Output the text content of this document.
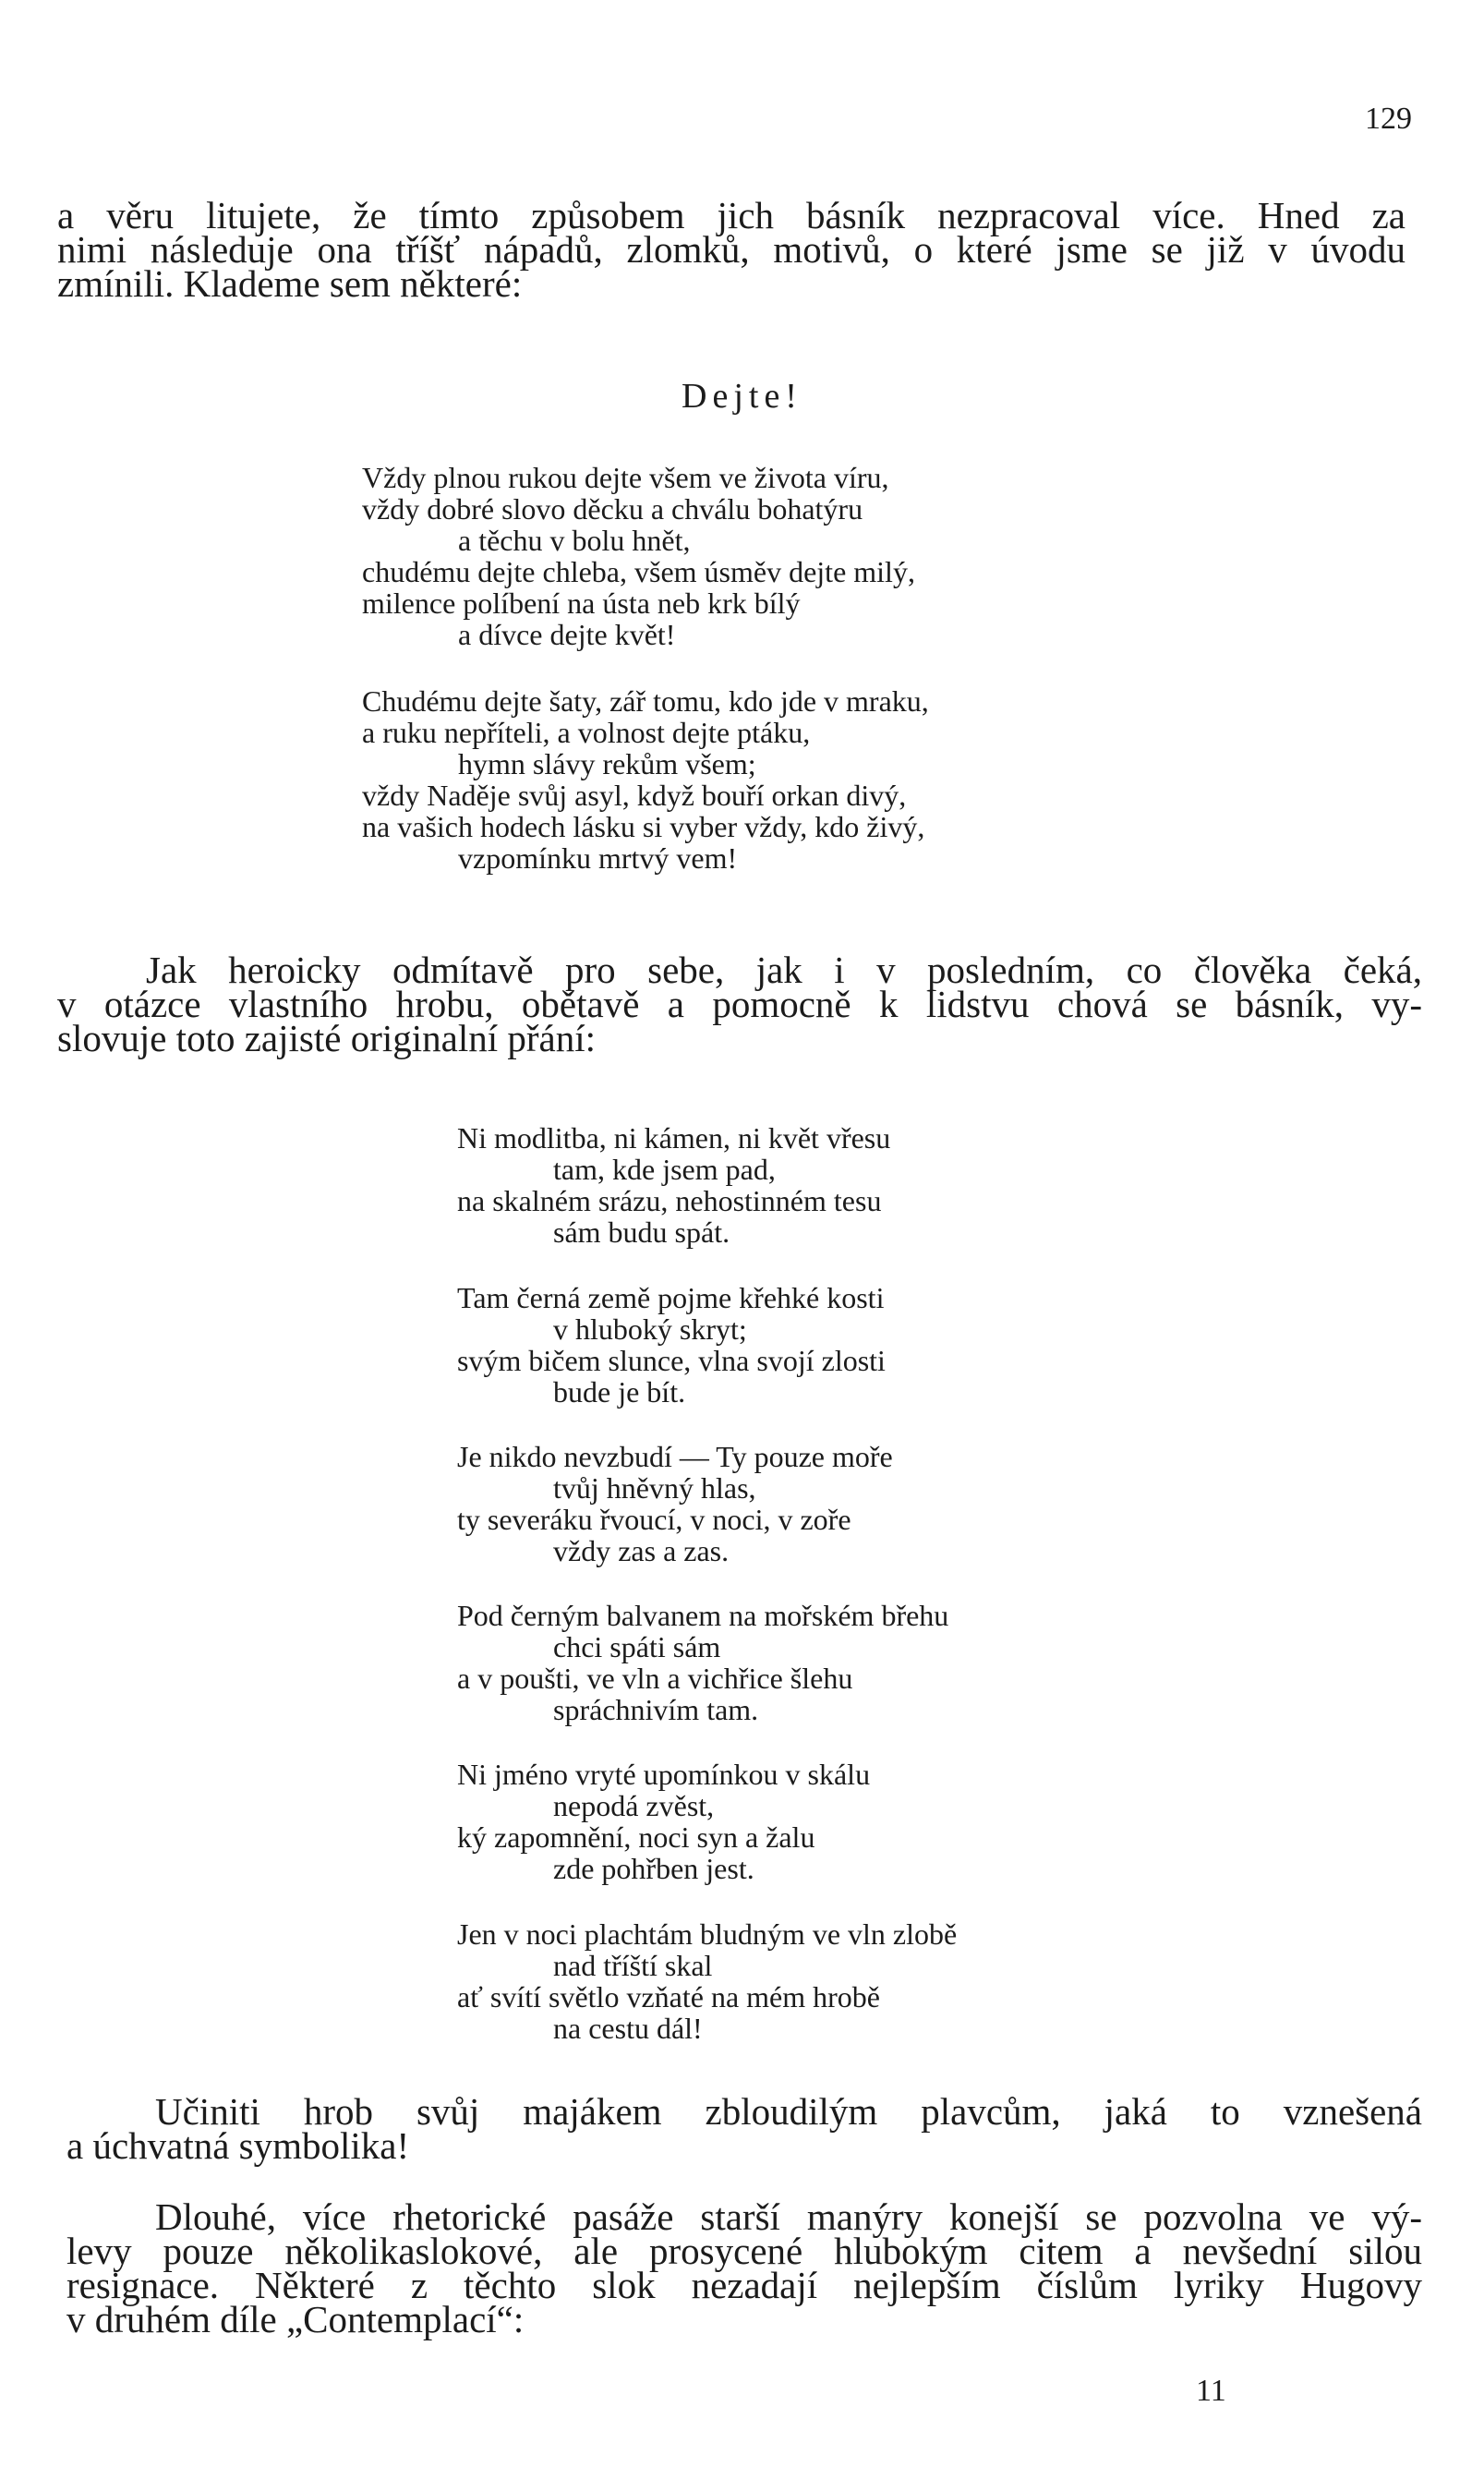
129
a věru litujete, že tímto způsobem jich básník nezpracoval více. Hned za
nimi následuje ona tříšť nápadů, zlomků, motivů, o které jsme se již v úvodu
zmínili. Klademe sem některé:
Dejte!
Vždy plnou rukou dejte všem ve života víru,
vždy dobré slovo děcku a chválu bohatýru
a těchu v bolu hnět,
chudému dejte chleba, všem úsměv dejte milý,
milence políbení na ústa neb krk bílý
a dívce dejte květ!
Chudému dejte šaty, zář tomu, kdo jde v mraku,
a ruku nepříteli, a volnost dejte ptáku,
hymn slávy rekům všem;
vždy Naděje svůj asyl, když bouří orkan divý,
na vašich hodech lásku si vyber vždy, kdo živý,
vzpomínku mrtvý vem!
Jak heroicky odmítavě pro sebe, jak i v posledním, co člověka čeká,
v otázce vlastního hrobu, obětavě a pomocně k lidstvu chová se básník, vy-
slovuje toto zajisté originalní přání:
Ni modlitba, ni kámen, ni květ vřesu
tam, kde jsem pad,
na skalném srázu, nehostinném tesu
sám budu spát.
Tam černá země pojme křehké kosti
v hluboký skryt;
svým bičem slunce, vlna svojí zlosti
bude je bít.
Je nikdo nevzbudí — Ty pouze moře
tvůj hněvný hlas,
ty severáku řvoucí, v noci, v zoře
vždy zas a zas.
Pod černým balvanem na mořském břehu
chci spáti sám
a v poušti, ve vln a vichřice šlehu
spráchnivím tam.
Ni jméno vryté upomínkou v skálu
nepodá zvěst,
ký zapomnění, noci syn a žalu
zde pohřben jest.
Jen v noci plachtám bludným ve vln zlobě
nad tříští skal
ať svítí světlo vzňaté na mém hrobě
na cestu dál!
Učiniti hrob svůj majákem zbloudilým plavcům, jaká to vznešená
a úchvatná symbolika!
Dlouhé, více rhetorické pasáže starší manýry konejší se pozvolna ve vý-
levy pouze několikaslokové, ale prosycené hlubokým citem a nevšední silou
resignace. Některé z těchto slok nezadají nejlepším číslům lyriky Hugovy
v druhém díle „Contemplací“:
11
